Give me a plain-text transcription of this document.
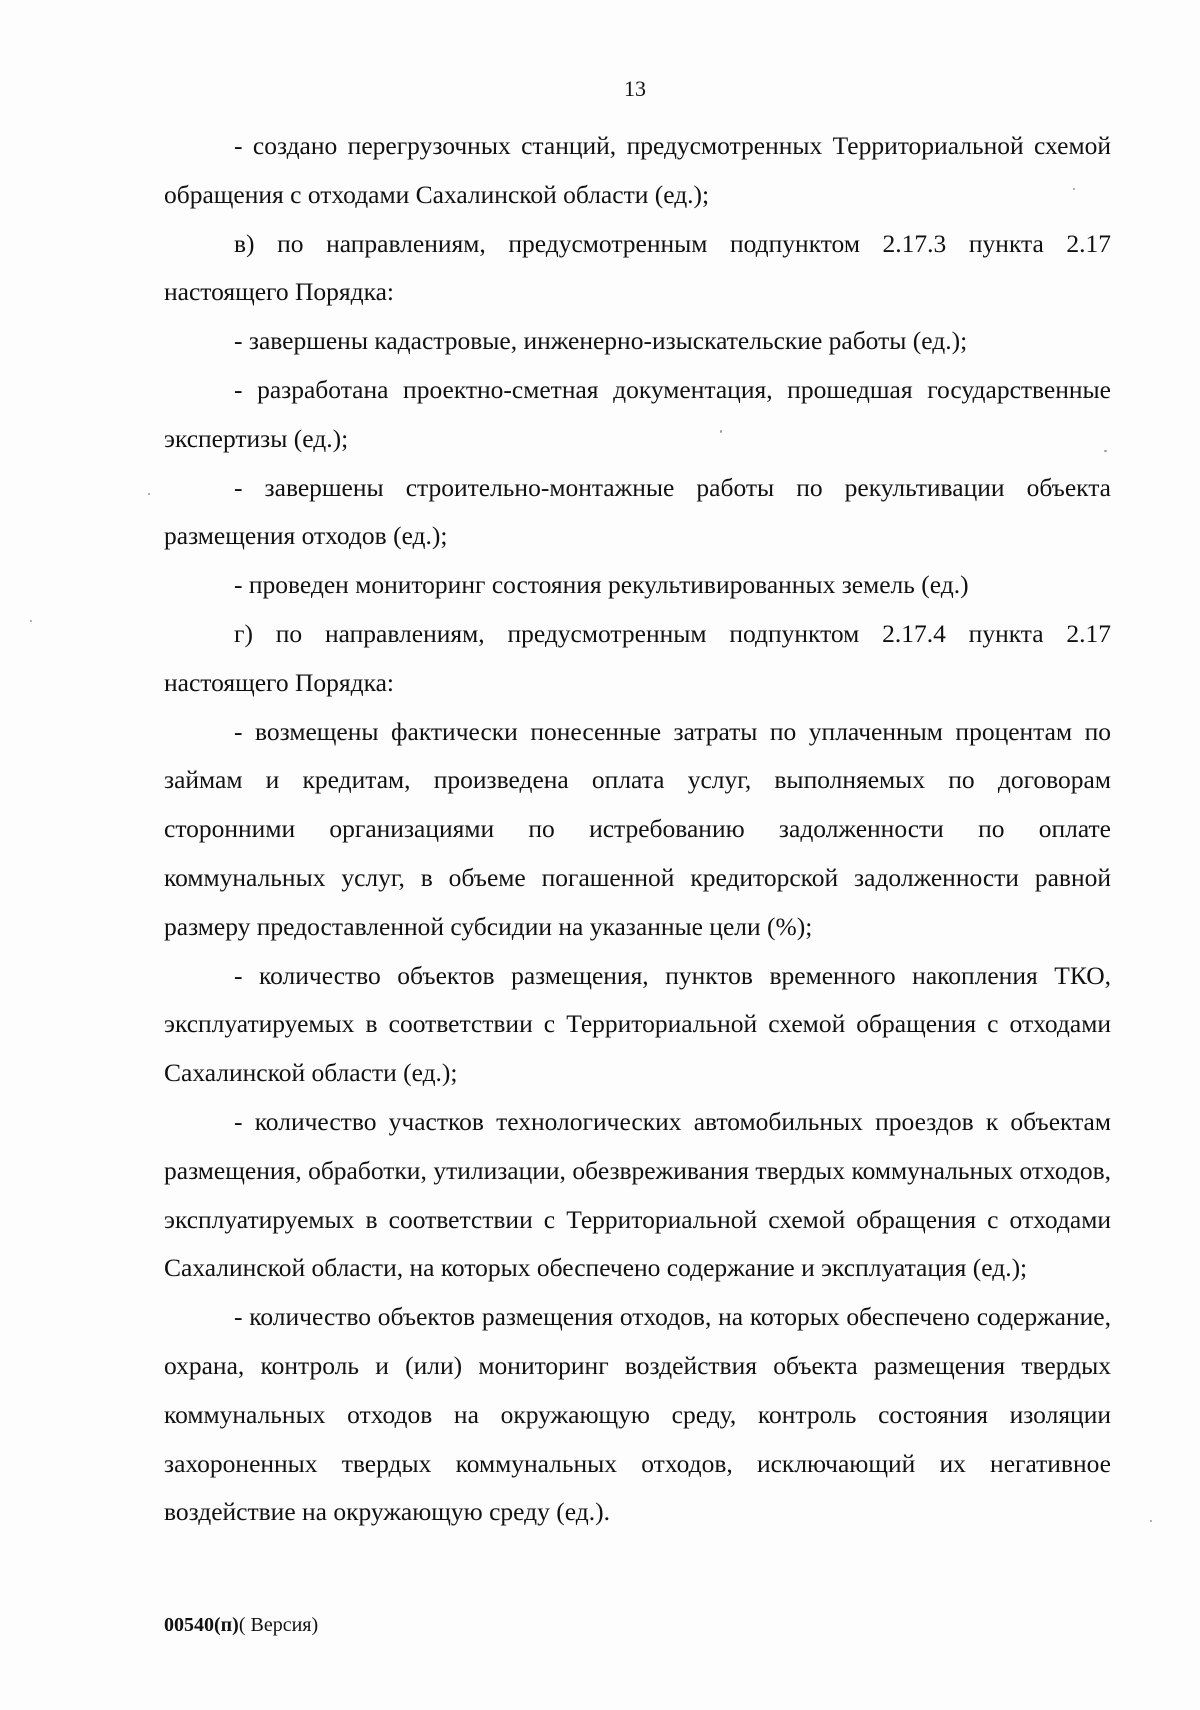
13

- создано перегрузочных станций, предусмотренных Территориальной схемой обращения с отходами Сахалинской области (ед.);

в) по направлениям, предусмотренным подпунктом 2.17.3 пункта 2.17 настоящего Порядка:

- завершены кадастровые, инженерно-изыскательские работы (ед.);

- разработана проектно-сметная документация, прошедшая государственные экспертизы (ед.);

- завершены строительно-монтажные работы по рекультивации объекта размещения отходов (ед.);

- проведен мониторинг состояния рекультивированных земель (ед.)

г) по направлениям, предусмотренным подпунктом 2.17.4 пункта 2.17 настоящего Порядка:

- возмещены фактически понесенные затраты по уплаченным процентам по займам и кредитам, произведена оплата услуг, выполняемых по договорам сторонними организациями по истребованию задолженности по оплате коммунальных услуг, в объеме погашенной кредиторской задолженности равной размеру предоставленной субсидии на указанные цели (%);

- количество объектов размещения, пунктов временного накопления ТКО, эксплуатируемых в соответствии с Территориальной схемой обращения с отходами Сахалинской области (ед.);

- количество участков технологических автомобильных проездов к объектам размещения, обработки, утилизации, обезвреживания твердых коммунальных отходов, эксплуатируемых в соответствии с Территориальной схемой обращения с отходами Сахалинской области, на которых обеспечено содержание и эксплуатация (ед.);

- количество объектов размещения отходов, на которых обеспечено содержание, охрана, контроль и (или) мониторинг воздействия объекта размещения твердых коммунальных отходов на окружающую среду, контроль состояния изоляции захороненных твердых коммунальных отходов, исключающий их негативное воздействие на окружающую среду (ед.).

00540(п)( Версия)
